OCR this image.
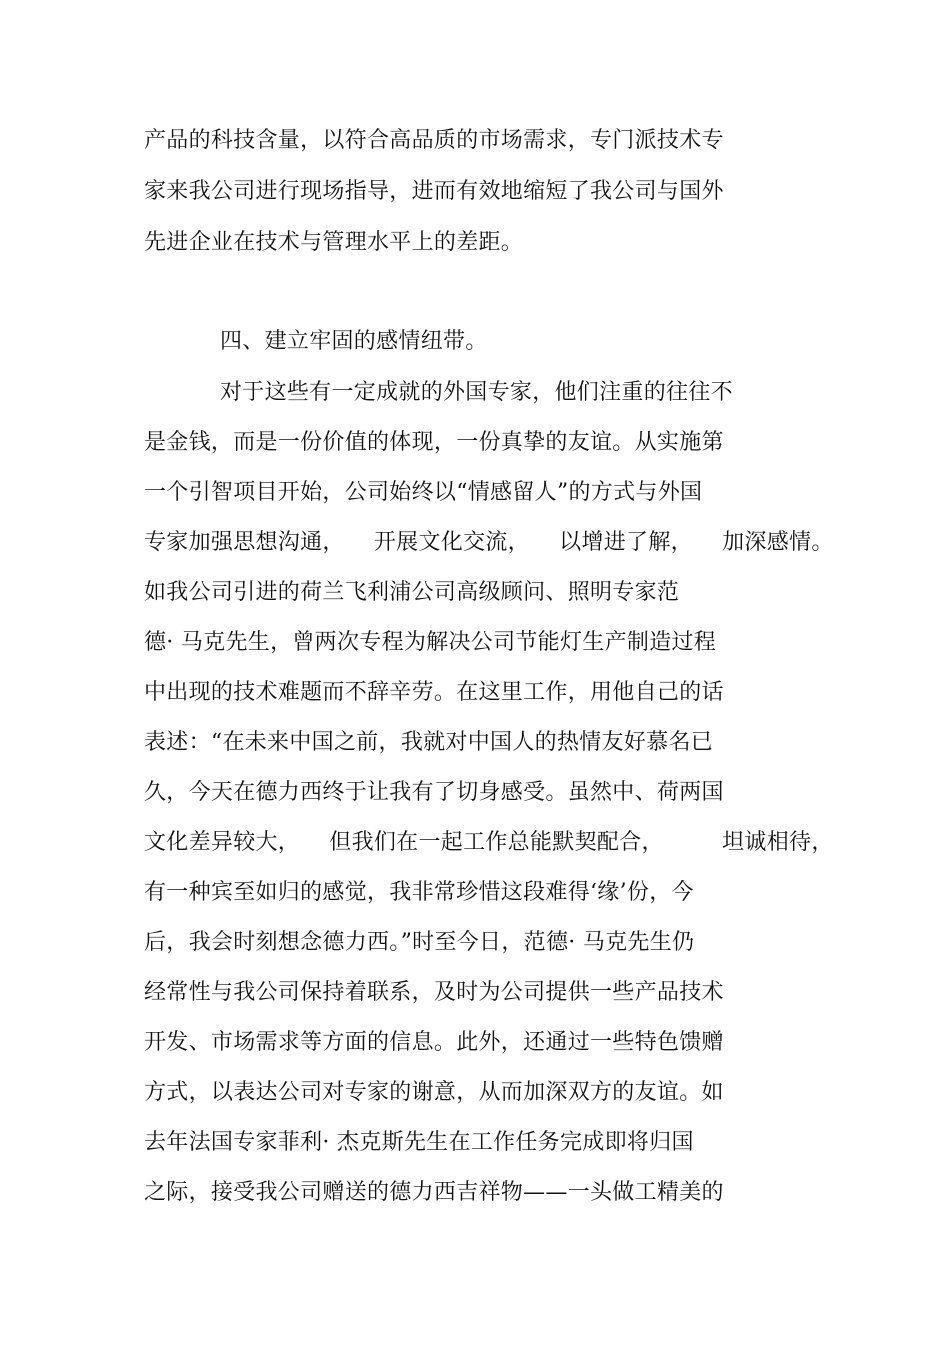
产品的科技含量，以符合高品质的市场需求，专门派技术专
家来我公司进行现场指导，进而有效地缩短了我公司与国外
先进企业在技术与管理水平上的差距。
四、建立牢固的感情纽带。
对于这些有一定成就的外国专家，他们注重的往往不
是金钱，而是一份价值的体现，一份真挚的友谊。从实施第
一个引智项目开始，公司始终以“情感留人”的方式与外国
专家加强思想沟通，    开展文化交流，    以增进了解，    加深感情。
如我公司引进的荷兰飞利浦公司高级顾问、照明专家范
德· 马克先生，曾两次专程为解决公司节能灯生产制造过程
中出现的技术难题而不辞辛劳。在这里工作，用他自己的话
表述：“在未来中国之前，我就对中国人的热情友好慕名已
久，今天在德力西终于让我有了切身感受。虽然中、荷两国
文化差异较大，    但我们在一起工作总能默契配合，        坦诚相待，
有一种宾至如归的感觉，我非常珍惜这段难得‘缘’份，今
后，我会时刻想念德力西。”时至今日，范德· 马克先生仍
经常性与我公司保持着联系，及时为公司提供一些产品技术
开发、市场需求等方面的信息。此外，还通过一些特色馈赠
方式，以表达公司对专家的谢意，从而加深双方的友谊。如
去年法国专家菲利· 杰克斯先生在工作任务完成即将归国
之际，接受我公司赠送的德力西吉祥物——一头做工精美的
